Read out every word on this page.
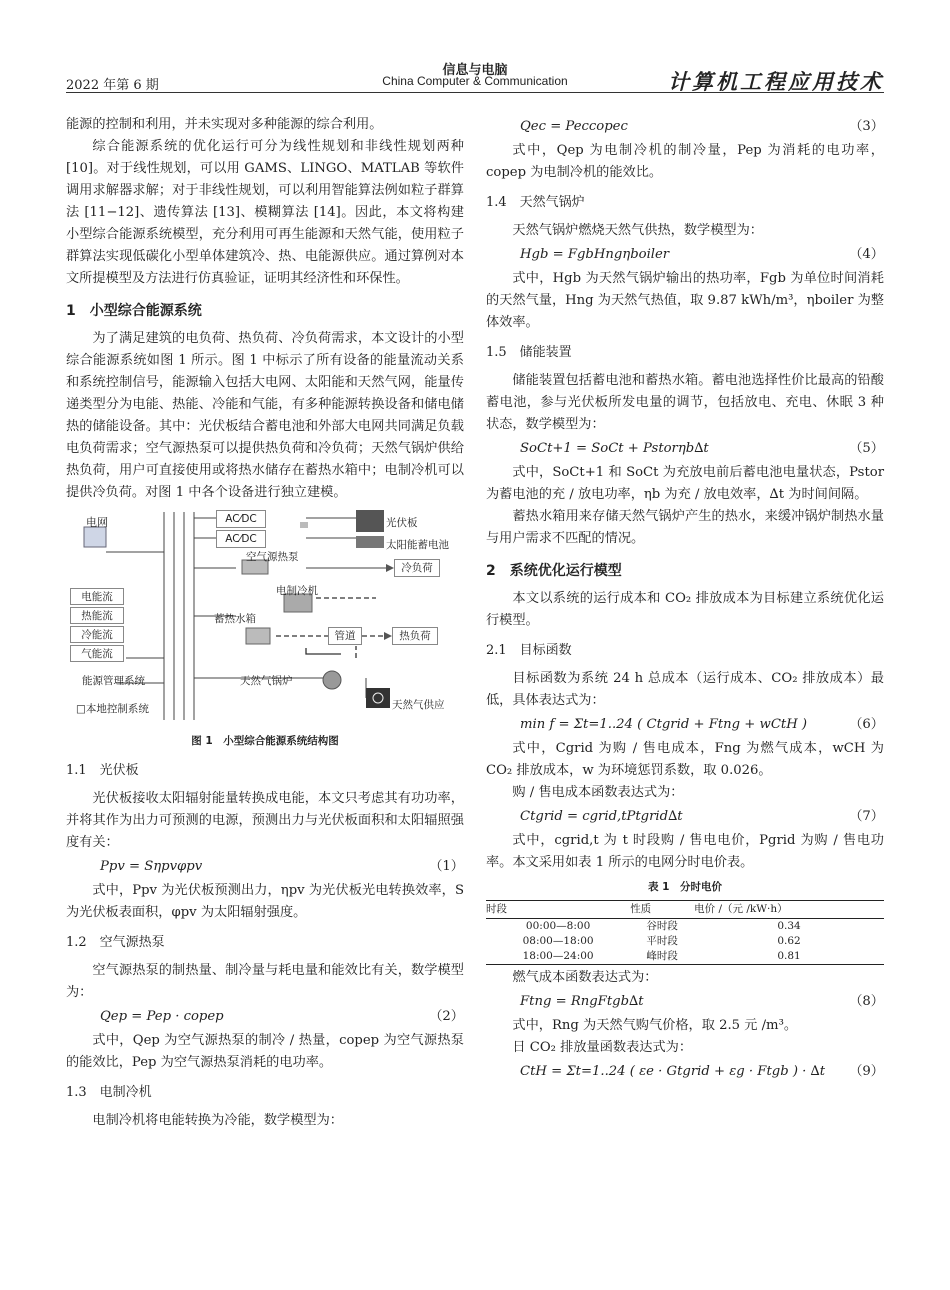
2022 年第 6 期
信息与电脑
China Computer & Communication	计算机工程应用技术

能源的控制和利用，并未实现对多种能源的综合利用。

综合能源系统的优化运行可分为线性规划和非线性规划两种 [10]。对于线性规划，可以用 GAMS、LINGO、MATLAB 等软件调用求解器求解；对于非线性规划，可以利用智能算法例如粒子群算法 [11−12]、遗传算法 [13]、模糊算法 [14]。因此，本文将构建小型综合能源系统模型，充分利用可再生能源和天然气能，使用粒子群算法实现低碳化小型单体建筑冷、热、电能源供应。通过算例对本文所提模型及方法进行仿真验证，证明其经济性和环保性。

1　小型综合能源系统

为了满足建筑的电负荷、热负荷、冷负荷需求，本文设计的小型综合能源系统如图 1 所示。图 1 中标示了所有设备的能量流动关系和系统控制信号，能源输入包括大电网、太阳能和天然气网，能量传递类型分为电能、热能、冷能和气能，有多种能源转换设备和储电储热的储能设备。其中：光伏板结合蓄电池和外部大电网共同满足负载电负荷需求；空气源热泵可以提供热负荷和冷负荷；天然气锅炉供给热负荷，用户可直接使用或将热水储存在蓄热水箱中；电制冷机可以提供冷负荷。对图 1 中各个设备进行独立建模。

AC⁄DC
AC⁄DC
光伏板
太阳能蓄电池
电网
空气源热泵
冷负荷
电制冷机
蓄热水箱
管道	热负荷
电能流
热能流
冷能流
气能流
能源管理系统	天然气锅炉
□本地控制系统	天然气供应
图 1　小型综合能源系统结构图
1.1　光伏板

光伏板接收太阳辐射能量转换成电能，本文只考虑其有功功率，并将其作为出力可预测的电源，预测出力与光伏板面积和太阳辐照强度有关：

Ppv = Sηpvφpv	（1）

式中，Ppv 为光伏板预测出力，ηpv 为光伏板光电转换效率，S 为光伏板表面积，φpv 为太阳辐射强度。

1.2　空气源热泵

空气源热泵的制热量、制冷量与耗电量和能效比有关，数学模型为：

Qep = Pep · copep	（2）

式中，Qep 为空气源热泵的制冷 / 热量，copep 为空气源热泵的能效比，Pep 为空气源热泵消耗的电功率。

1.3　电制冷机

电制冷机将电能转换为冷能，数学模型为：

Qec = Peccopec	（3）

式中，Qep 为电制冷机的制冷量，Pep 为消耗的电功率，copep 为电制冷机的能效比。

1.4　天然气锅炉

天然气锅炉燃烧天然气供热，数学模型为：

Hgb = FgbHngηboiler	（4）

式中，Hgb 为天然气锅炉输出的热功率，Fgb 为单位时间消耗的天然气量，Hng 为天然气热值，取 9.87 kWh/m³，ηboiler 为整体效率。

1.5　储能装置

储能装置包括蓄电池和蓄热水箱。蓄电池选择性价比最高的铅酸蓄电池，参与光伏板所发电量的调节，包括放电、充电、休眠 3 种状态，数学模型为：

SoCt+1 = SoCt + Pstorηb∆t	（5）

式中，SoCt+1 和 SoCt 为充放电前后蓄电池电量状态，Pstor 为蓄电池的充 / 放电功率，ηb 为充 / 放电效率，∆t 为时间间隔。

蓄热水箱用来存储天然气锅炉产生的热水，来缓冲锅炉制热水量与用户需求不匹配的情况。

2　系统优化运行模型

本文以系统的运行成本和 CO₂ 排放成本为目标建立系统优化运行模型。

2.1　目标函数

目标函数为系统 24 h 总成本（运行成本、CO₂ 排放成本）最低，具体表达式为：

min f = Σt=1..24 ( Ctgrid + Ftng + wCtH )	（6）

式中，Cgrid 为购 / 售电成本，Fng 为燃气成本，wCH 为 CO₂ 排放成本，w 为环境惩罚系数，取 0.026。

购 / 售电成本函数表达式为：

Ctgrid = cgrid,tPtgrid∆t	（7）

式中，cgrid,t 为 t 时段购 / 售电电价，Pgrid 为购 / 售电功率。本文采用如表 1 所示的电网分时电价表。

表 1　分时电价
时段	性质	电价 /（元 /kW·h）
00:00—8:00	谷时段	0.34
08:00—18:00	平时段	0.62
18:00—24:00	峰时段	0.81

燃气成本函数表达式为：

Ftng = RngFtgb∆t	（8）

式中，Rng 为天然气购气价格，取 2.5 元 /m³。

日 CO₂ 排放量函数表达式为：

CtH = Σt=1..24 ( εe · Gtgrid + εg · Ftgb ) · ∆t （9）
